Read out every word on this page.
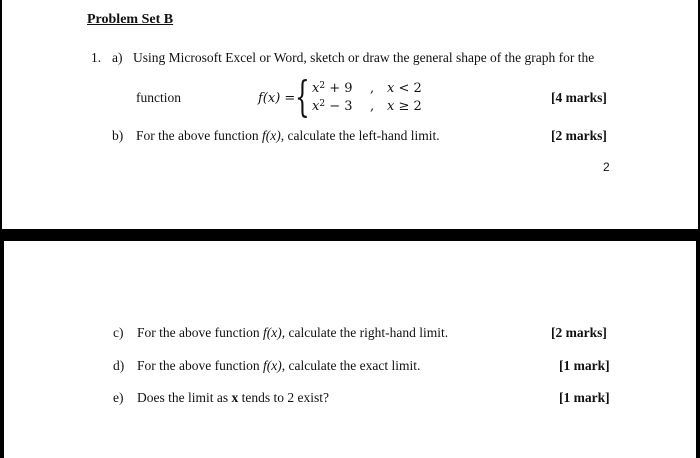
Problem Set B
1. a) Using Microsoft Excel or Word, sketch or draw the general shape of the graph for the
function	f(x) = { $x^2 + 9$ , x < 2
$x^2 - 3$ , x ≥ 2
[4 marks]
b) For the above function f(x), calculate the left-hand limit.	[2 marks]
2
c) For the above function f(x), calculate the right-hand limit.	[2 marks]
d) For the above function f(x), calculate the exact limit.	[1 mark]
e) Does the limit as x tends to 2 exist?	[1 mark]
